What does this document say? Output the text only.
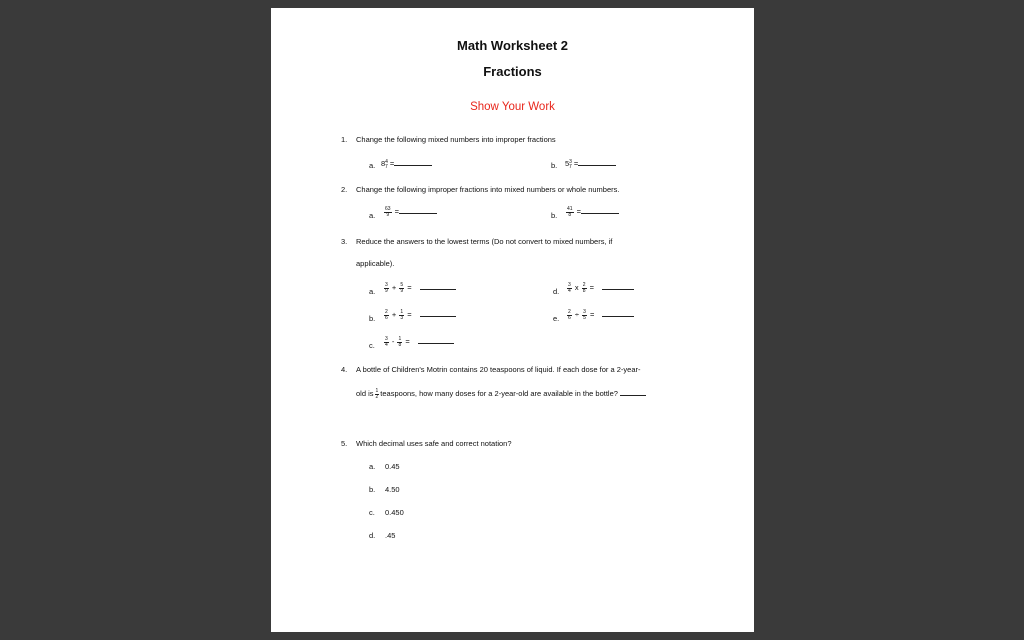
Math Worksheet 2
Fractions
Show Your Work
1. Change the following mixed numbers into improper fractions
a. $8^4_7$ =	b. $5^3_7$ =
2. Change the following improper fractions into mixed numbers or whole numbers.
a. $\frac{63}{9}$ =	b. $\frac{41}{8}$ =
3. Reduce the answers to the lowest terms (Do not convert to mixed numbers, if
applicable).
a. $\frac{3}{9} + \frac{5}{9}$ =
b. $\frac{2}{6} + \frac{1}{3}$ =
c. $\frac{3}{4} - \frac{1}{8}$ =
d. $\frac{3}{4}$ x $\frac{2}{8}$ =
e. $\frac{2}{6} \div \frac{3}{5}$ =
4. A bottle of Children's Motrin contains 20 teaspoons of liquid. If each dose for a 2-year-
old is $\frac{1}{2}$ teaspoons, how many doses for a 2-year-old are available in the bottle?
5. Which decimal uses safe and correct notation?
a. 0.45
b. 4.50
c. 0.450
d. .45
